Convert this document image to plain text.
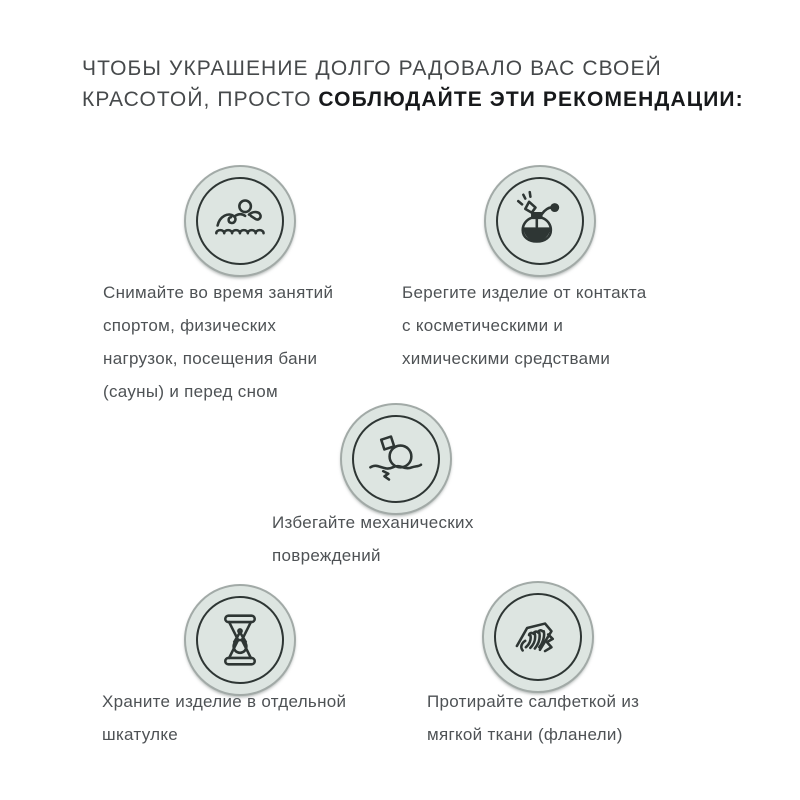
ЧТОБЫ УКРАШЕНИЕ ДОЛГО РАДОВАЛО ВАС СВОЕЙ
КРАСОТОЙ, ПРОСТО СОБЛЮДАЙТЕ ЭТИ РЕКОМЕНДАЦИИ:
Снимайте во время занятий
спортом, физических
нагрузок, посещения бани
(сауны) и перед сном
Берегите изделие от контакта
с косметическими и
химическими средствами
Избегайте механических
повреждений
Храните изделие в отдельной
шкатулке
Протирайте салфеткой из
мягкой ткани (фланели)
